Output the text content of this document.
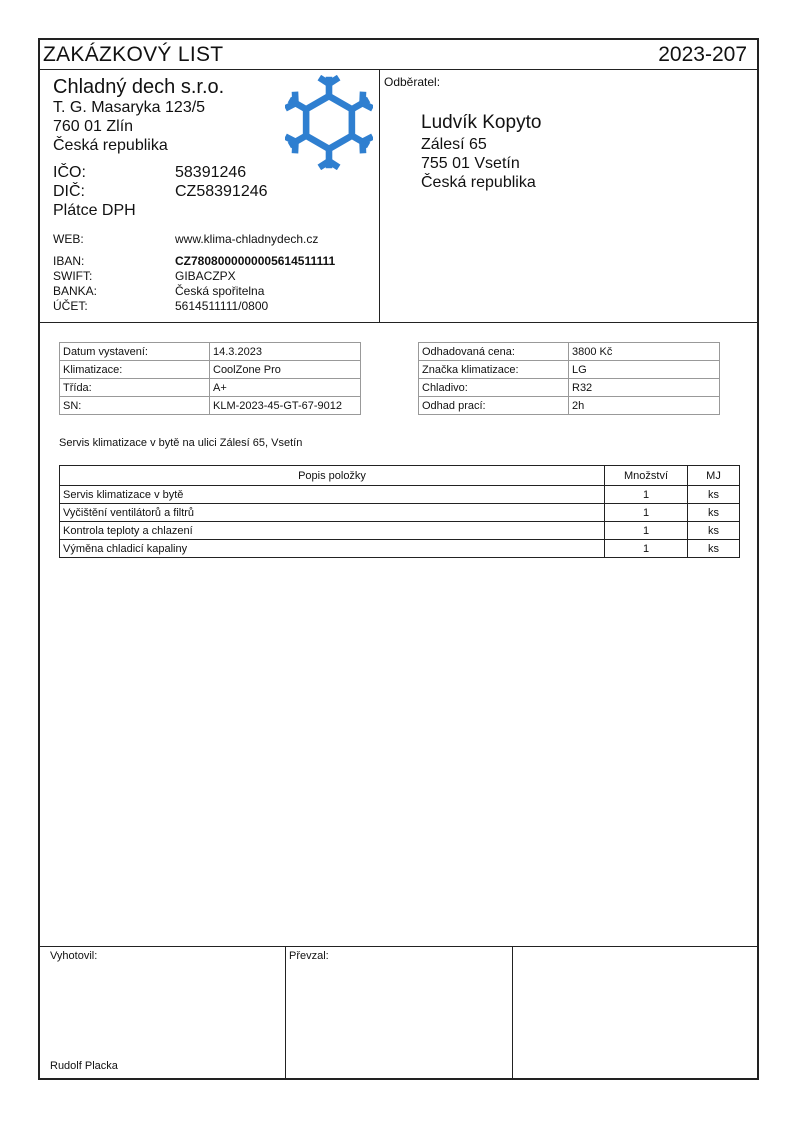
ZAKÁZKOVÝ LIST	2023-207
Chladný dech s.r.o.
T. G. Masaryka 123/5
760 01 Zlín
Česká republika
IČO:	58391246
DIČ:	CZ58391246
Plátce DPH
WEB:	www.klima-chladnydech.cz
IBAN:	CZ7808000000005614511111
SWIFT:	GIBACZPX
BANKA:	Česká spořitelna
ÚČET:	5614511111/0800
Odběratel:
Ludvík Kopyto
Zálesí 65
755 01 Vsetín
Česká republika
Datum vystavení:	14.3.2023
Klimatizace:	CoolZone Pro
Třída:	A+
SN:	KLM-2023-45-GT-67-9012
Odhadovaná cena:	3800 Kč
Značka klimatizace:	LG
Chladivo:	R32
Odhad prací:	2h
Servis klimatizace v bytě na ulici Zálesí 65, Vsetín
Popis položky	Množství	MJ
Servis klimatizace v bytě	1	ks
Vyčištění ventilátorů a filtrů	1	ks
Kontrola teploty a chlazení	1	ks
Výměna chladicí kapaliny	1	ks
Vyhotovil:
Rudolf Placka
Převzal:
